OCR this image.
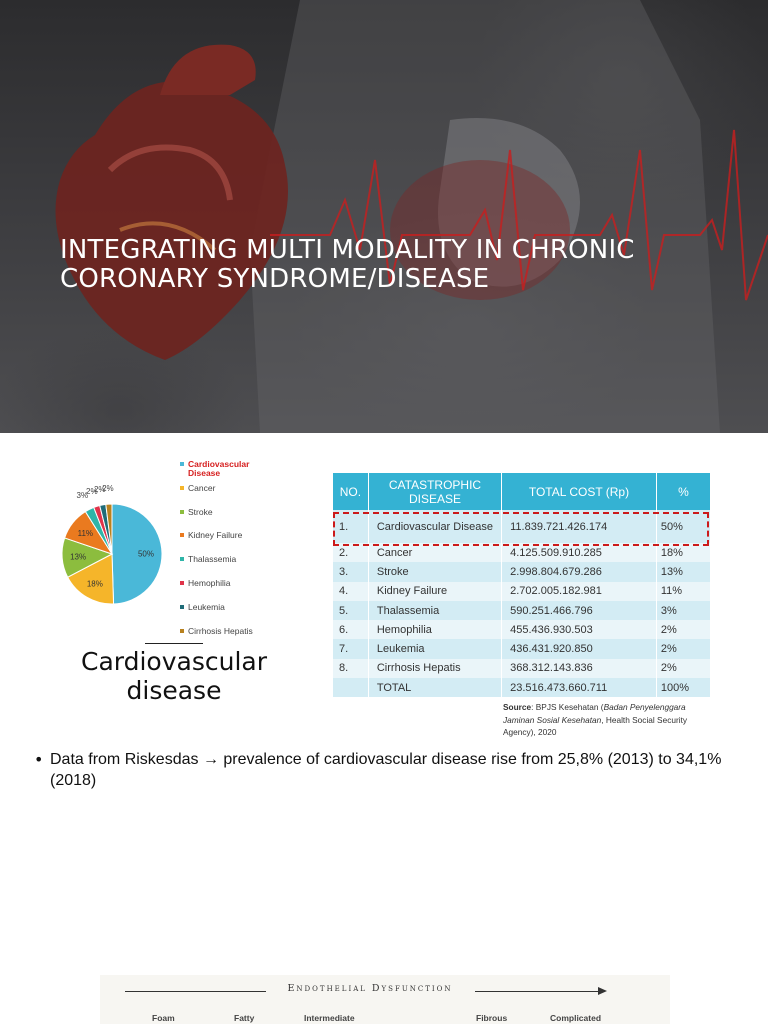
INTEGRATING MULTI MODALITY IN CHRONIC CORONARY SYNDROME/DISEASE
50%
18%
13%
11%
3%
2%
2%
2%
Cardiovascular Disease
Cancer
Stroke
Kidney Failure
Thalassemia
Hemophilia
Leukemia
Cirrhosis Hepatis
Cardiovascular disease
NO.	CATASTROPHIC DISEASE	TOTAL COST (Rp)	%
1.	Cardiovascular Disease	11.839.721.426.174	50%
2.	Cancer	4.125.509.910.285	18%
3.	Stroke	2.998.804.679.286	13%
4.	Kidney Failure	2.702.005.182.981	11%
5.	Thalassemia	590.251.466.796	3%
6.	Hemophilia	455.436.930.503	2%
7.	Leukemia	436.431.920.850	2%
8.	Cirrhosis Hepatis	368.312.143.836	2%
	TOTAL	23.516.473.660.711	100%
Source: BPJS Kesehatan (Badan Penyelenggara Jaminan Sosial Kesehatan, Health Social Security Agency), 2020
• Data from Riskesdas → prevalence of cardiovascular disease rise from 25,8% (2013) to 34,1% (2018)
Endothelial Dysfunction
Foam	Fatty	Intermediate	Fibrous	Complicated
